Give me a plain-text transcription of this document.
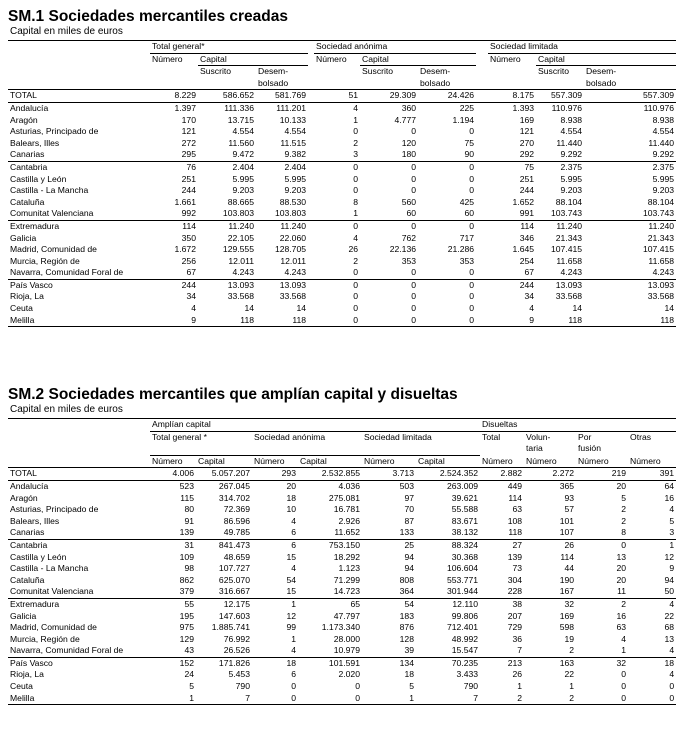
SM.1 Sociedades mercantiles creadas

Capital en miles de euros

	Total general*				Sociedad anónima				Sociedad limitada		
	Número	Capital			Número	Capital			Número	Capital	
		Suscrito	Desem-			Suscrito	Desem-			Suscrito	Desem-
			bolsado				bolsado				bolsado
TOTAL	8.229	586.652	581.769		51	29.309	24.426		8.175	557.309	557.309
Andalucía	1.397	111.336	111.201		4	360	225		1.393	110.976	110.976
Aragón	170	13.715	10.133		1	4.777	1.194		169	8.938	8.938
Asturias, Principado de	121	4.554	4.554		0	0	0		121	4.554	4.554
Balears, Illes	272	11.560	11.515		2	120	75		270	11.440	11.440
Canarias	295	9.472	9.382		3	180	90		292	9.292	9.292
Cantabria	76	2.404	2.404		0	0	0		75	2.375	2.375
Castilla y León	251	5.995	5.995		0	0	0		251	5.995	5.995
Castilla - La Mancha	244	9.203	9.203		0	0	0		244	9.203	9.203
Cataluña	1.661	88.665	88.530		8	560	425		1.652	88.104	88.104
Comunitat Valenciana	992	103.803	103.803		1	60	60		991	103.743	103.743
Extremadura	114	11.240	11.240		0	0	0		114	11.240	11.240
Galicia	350	22.105	22.060		4	762	717		346	21.343	21.343
Madrid, Comunidad de	1.672	129.555	128.705		26	22.136	21.286		1.645	107.415	107.415
Murcia, Región de	256	12.011	12.011		2	353	353		254	11.658	11.658
Navarra, Comunidad Foral de	67	4.243	4.243		0	0	0		67	4.243	4.243
País Vasco	244	13.093	13.093		0	0	0		244	13.093	13.093
Rioja, La	34	33.568	33.568		0	0	0		34	33.568	33.568
Ceuta	4	14	14		0	0	0		4	14	14
Melilla	9	118	118		0	0	0		9	118	118
SM.2 Sociedades mercantiles que amplían capital y disueltas

Capital en miles de euros

	Amplían capital						Disueltas			
	Total general *		Sociedad anónima		Sociedad limitada		Total	Volun-	Por	Otras
								taria	fusión	
	Número	Capital	Número	Capital	Número	Capital	Número	Número	Número	Número
TOTAL	4.006	5.057.207	293	2.532.855	3.713	2.524.352	2.882	2.272	219	391
Andalucía	523	267.045	20	4.036	503	263.009	449	365	20	64
Aragón	115	314.702	18	275.081	97	39.621	114	93	5	16
Asturias, Principado de	80	72.369	10	16.781	70	55.588	63	57	2	4
Balears, Illes	91	86.596	4	2.926	87	83.671	108	101	2	5
Canarias	139	49.785	6	11.652	133	38.132	118	107	8	3
Cantabria	31	841.473	6	753.150	25	88.324	27	26	0	1
Castilla y León	109	48.659	15	18.292	94	30.368	139	114	13	12
Castilla - La Mancha	98	107.727	4	1.123	94	106.604	73	44	20	9
Cataluña	862	625.070	54	71.299	808	553.771	304	190	20	94
Comunitat Valenciana	379	316.667	15	14.723	364	301.944	228	167	11	50
Extremadura	55	12.175	1	65	54	12.110	38	32	2	4
Galicia	195	147.603	12	47.797	183	99.806	207	169	16	22
Madrid, Comunidad de	975	1.885.741	99	1.173.340	876	712.401	729	598	63	68
Murcia, Región de	129	76.992	1	28.000	128	48.992	36	19	4	13
Navarra, Comunidad Foral de	43	26.526	4	10.979	39	15.547	7	2	1	4
País Vasco	152	171.826	18	101.591	134	70.235	213	163	32	18
Rioja, La	24	5.453	6	2.020	18	3.433	26	22	0	4
Ceuta	5	790	0	0	5	790	1	1	0	0
Melilla	1	7	0	0	1	7	2	2	0	0
